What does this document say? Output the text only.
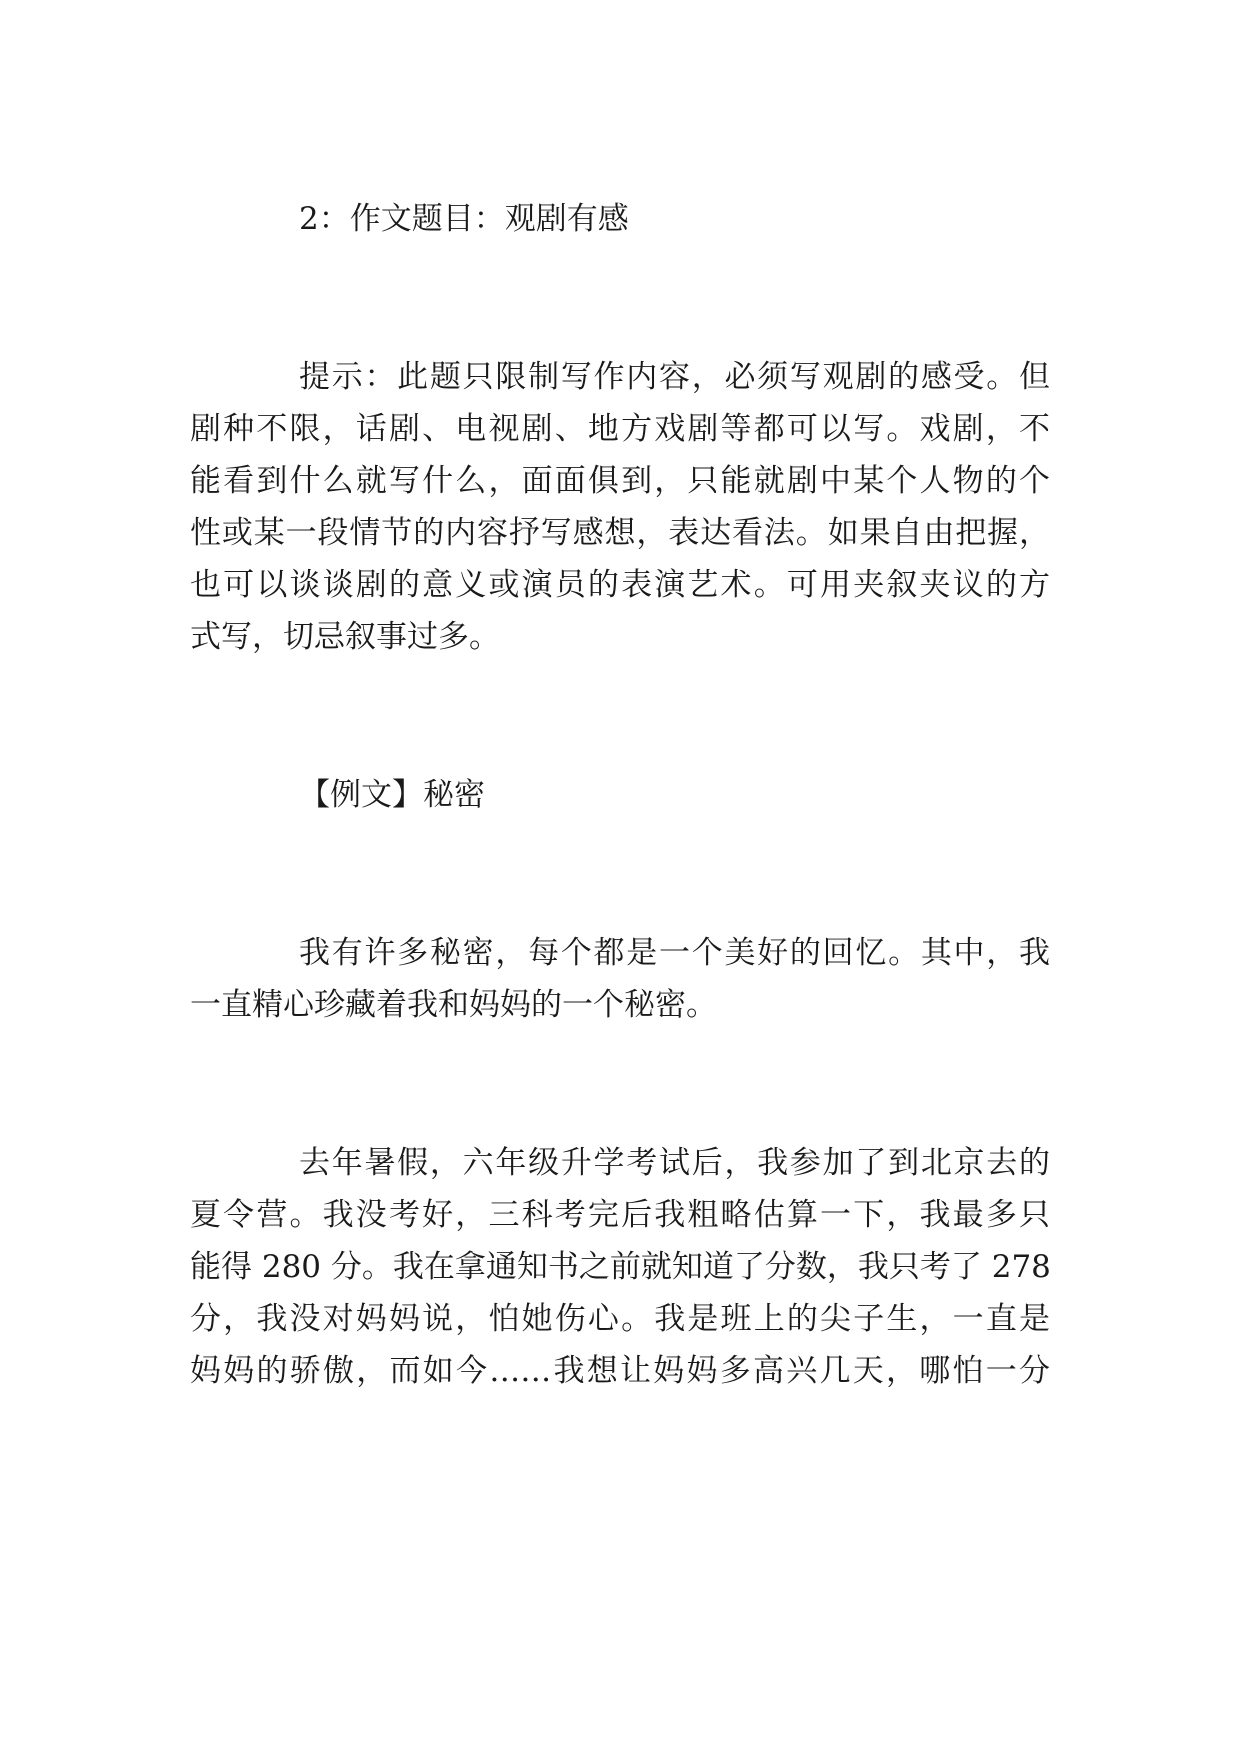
2：作文题目：观剧有感
提示：此题只限制写作内容，必须写观剧的感受。但
剧种不限，话剧、电视剧、地方戏剧等都可以写。戏剧，不
能看到什么就写什么，面面俱到，只能就剧中某个人物的个
性或某一段情节的内容抒写感想，表达看法。如果自由把握，
也可以谈谈剧的意义或演员的表演艺术。可用夹叙夹议的方
式写，切忌叙事过多。
【例文】秘密
我有许多秘密，每个都是一个美好的回忆。其中，我
一直精心珍藏着我和妈妈的一个秘密。
去年暑假，六年级升学考试后，我参加了到北京去的
夏令营。我没考好，三科考完后我粗略估算一下，我最多只
能得 280 分。我在拿通知书之前就知道了分数，我只考了 278
分，我没对妈妈说，怕她伤心。我是班上的尖子生，一直是
妈妈的骄傲，而如今……我想让妈妈多高兴几天，哪怕一分
